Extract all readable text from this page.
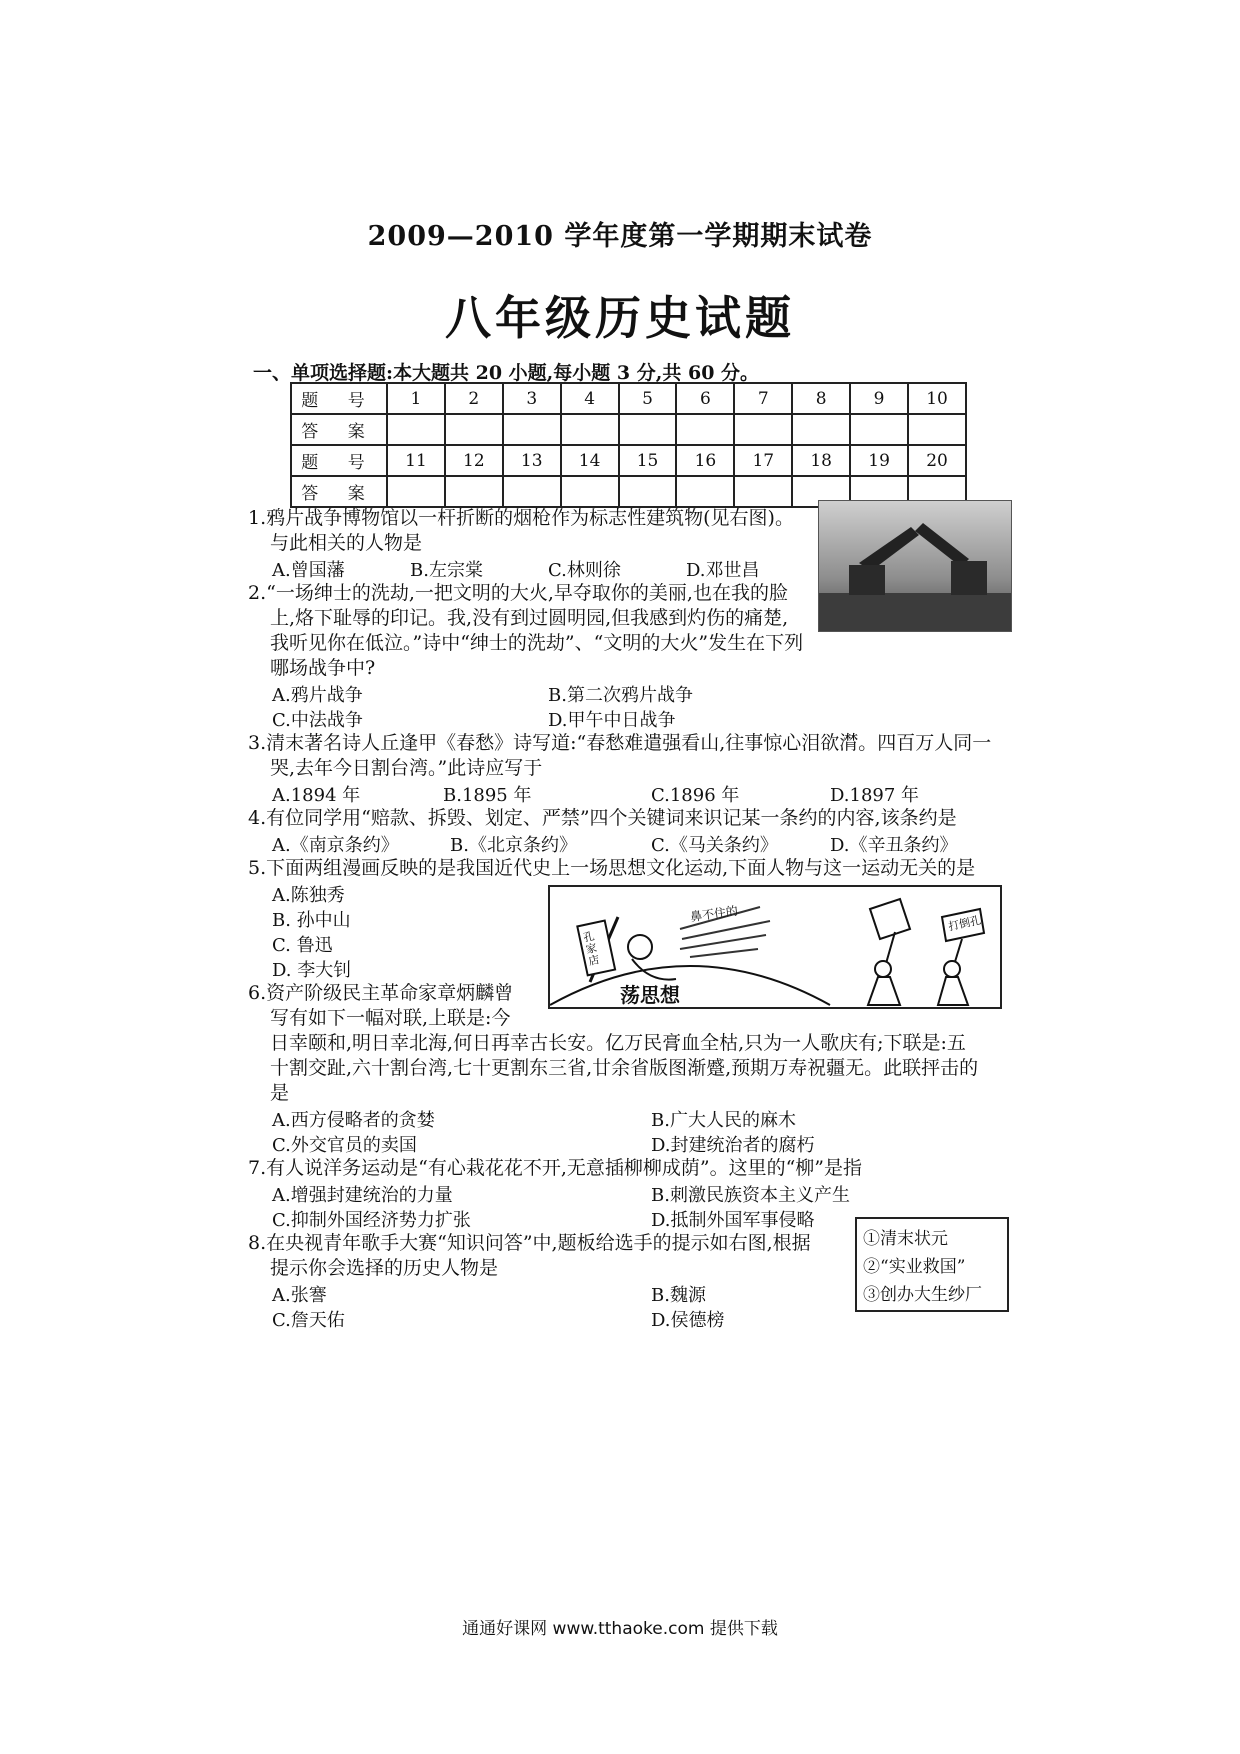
2009—2010 学年度第一学期期末试卷
八年级历史试题
一、单项选择题:本大题共 20 小题,每小题 3 分,共 60 分。
题 号	1	2	3	4	5	6	7	8	9	10
答 案										
题 号	11	12	13	14	15	16	17	18	19	20
答 案										
1.鸦片战争博物馆以一杆折断的烟枪作为标志性建筑物(见右图)。
与此相关的人物是
A.曾国藩	B.左宗棠	C.林则徐	D.邓世昌
2.“一场绅士的洗劫,一把文明的大火,早夺取你的美丽,也在我的脸
上,烙下耻辱的印记。我,没有到过圆明园,但我感到灼伤的痛楚,
我听见你在低泣。”诗中“绅士的洗劫”、“文明的大火”发生在下列
哪场战争中?
A.鸦片战争	B.第二次鸦片战争
C.中法战争	D.甲午中日战争
3.清末著名诗人丘逢甲《春愁》诗写道:“春愁难遣强看山,往事惊心泪欲潸。四百万人同一
哭,去年今日割台湾。”此诗应写于
A.1894 年	B.1895 年	C.1896 年	D.1897 年
4.有位同学用“赔款、拆毁、划定、严禁”四个关键词来识记某一条约的内容,该条约是
A.《南京条约》	B.《北京条约》	C.《马关条约》	D.《辛丑条约》
5.下面两组漫画反映的是我国近代史上一场思想文化运动,下面人物与这一运动无关的是
A.陈独秀
B. 孙中山
C. 鲁迅
D. 李大钊
鼻不住的
孔家店
打倒孔
荡思想
6.资产阶级民主革命家章炳麟曾
写有如下一幅对联,上联是:今
日幸颐和,明日幸北海,何日再幸古长安。亿万民膏血全枯,只为一人歌庆有;下联是:五
十割交趾,六十割台湾,七十更割东三省,廿余省版图渐蹙,预期万寿祝疆无。此联抨击的
是
A.西方侵略者的贪婪	B.广大人民的麻木
C.外交官员的卖国	D.封建统治者的腐朽
7.有人说洋务运动是“有心栽花花不开,无意插柳柳成荫”。这里的“柳”是指
A.增强封建统治的力量	B.刺激民族资本主义产生
C.抑制外国经济势力扩张	D.抵制外国军事侵略
8.在央视青年歌手大赛“知识问答”中,题板给选手的提示如右图,根据
提示你会选择的历史人物是
A.张謇	B.魏源
C.詹天佑	D.侯德榜
①清末状元
②“实业救国”
③创办大生纱厂
通通好课网 www.tthaoke.com 提供下载
